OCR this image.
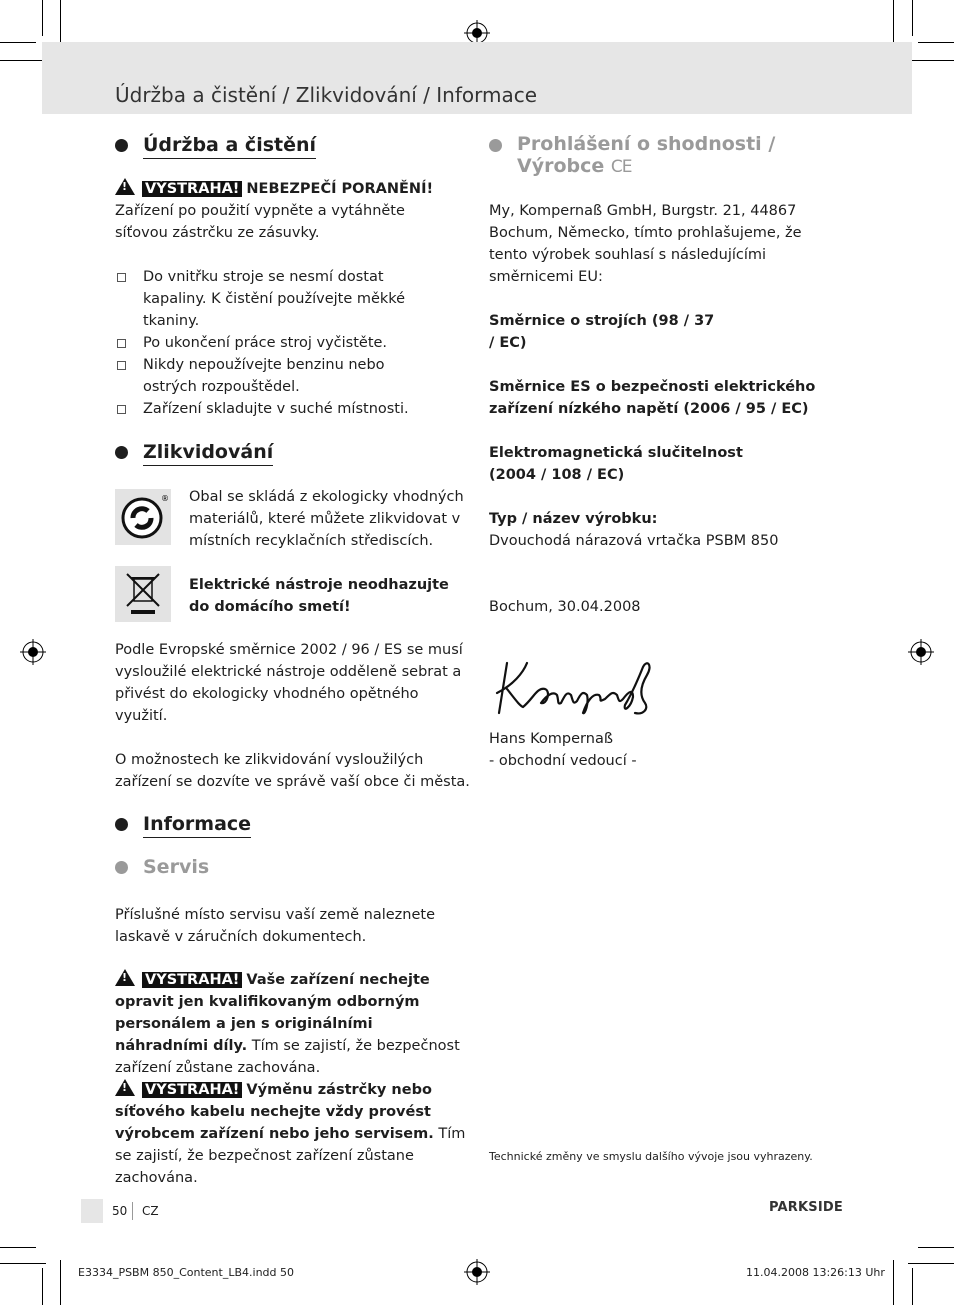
Údržba a čistění / Zlikvidování / Informace
Údržba a čistění
! VÝSTRAHA! NEBEZPEČÍ PORANĚNÍ!
Zařízení po použití vypněte a vytáhněte síťovou zástrčku ze zásuvky.
Do vnitřku stroje se nesmí dostat kapaliny. K čistění používejte měkké tkaniny.
Po ukončení práce stroj vyčistěte.
Nikdy nepoužívejte benzinu nebo ostrých rozpouštědel.
Zařízení skladujte v suché místnosti.
Zlikvidování
® Obal se skládá z ekologicky vhodných materiálů, které můžete zlikvidovat v místních recyklačních střediscích.
Elektrické nástroje neodhazujte do domácího smetí!
Podle Evropské směrnice 2002 / 96 / ES se musí vysloužilé elektrické nástroje odděleně sebrat a přivést do ekologicky vhodného opětného využití.
O možnostech ke zlikvidování vysloužilých zařízení se dozvíte ve správě vaší obce či města.
Informace
Servis
Příslušné místo servisu vaší země naleznete laskavě v záručních dokumentech.
! VÝSTRAHA! Vaše zařízení nechejte opravit jen kvalifikovaným odborným personálem a jen s originálními náhradními díly. Tím se zajistí, že bezpečnost zařízení zůstane zachována.
! VÝSTRAHA! Výměnu zástrčky nebo síťového kabelu nechejte vždy provést výrobcem zařízení nebo jeho servisem. Tím se zajistí, že bezpečnost zařízení zůstane zachována.
Prohlášení o shodnosti /
Výrobce CE
My, Kompernaß GmbH, Burgstr. 21, 44867 Bochum, Německo, tímto prohlašujeme, že tento výrobek souhlasí s následujícími směrnicemi EU:
Směrnice o strojích (98 / 37 / EC)
Směrnice ES o bezpečnosti elektrického zařízení nízkého napětí (2006 / 95 / EC)
Elektromagnetická slučitelnost (2004 / 108 / EC)
Typ / název výrobku:
Dvouchodá nárazová vrtačka PSBM 850
Bochum, 30.04.2008
Hans Kompernaß
- obchodní vedoucí -
Technické změny ve smyslu dalšího vývoje jsou vyhrazeny.
50 CZ	PARKSIDE
E3334_PSBM 850_Content_LB4.indd 50	11.04.2008 13:26:13 Uhr
